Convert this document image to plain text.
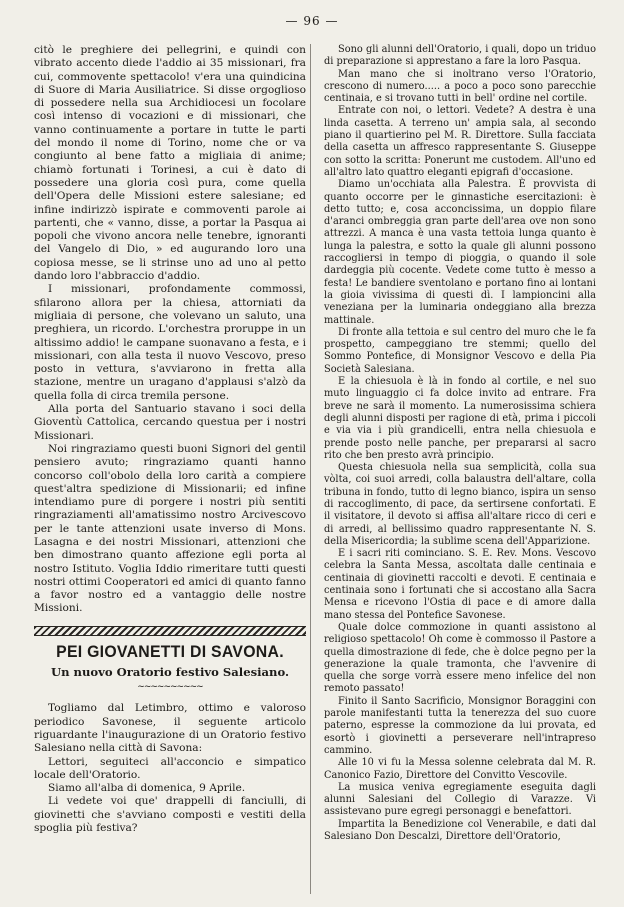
— 96 —

citò le preghiere dei pellegrini, e quindi con vibrato accento diede l'addio ai 35 missionari, fra cui, commovente spettacolo! v'era una quindicina di Suore di Maria Ausiliatrice. Si disse orgoglioso di possedere nella sua Archidiocesi un focolare così intenso di vocazioni e di missionari, che vanno continuamente a portare in tutte le parti del mondo il nome di Torino, nome che or va congiunto al bene fatto a migliaia di anime; chiamò fortunati i Torinesi, a cui è dato di possedere una gloria così pura, come quella dell'Opera delle Missioni estere salesiane; ed infine indirizzò ispirate e commoventi parole ai partenti, che « vanno, disse, a portar la Pasqua ai popoli che vivono ancora nelle tenebre, ignoranti del Vangelo di Dio, » ed augurando loro una copiosa messe, se li strinse uno ad uno al petto dando loro l'abbraccio d'addio.

I missionari, profondamente commossi, sfilarono allora per la chiesa, attorniati da migliaia di persone, che volevano un saluto, una preghiera, un ricordo. L'orchestra proruppe in un altissimo addio! le campane suonavano a festa, e i missionari, con alla testa il nuovo Vescovo, preso posto in vettura, s'avviarono in fretta alla stazione, mentre un uragano d'applausi s'alzò da quella folla di circa tremila persone.

Alla porta del Santuario stavano i soci della Gioventù Cattolica, cercando questua per i nostri Missionari.

Noi ringraziamo questi buoni Signori del gentil pensiero avuto; ringraziamo quanti hanno concorso coll'obolo della loro carità a compiere quest'altra spedizione di Missionarii; ed infine intendiamo pure di porgere i nostri più sentiti ringraziamenti all'amatissimo nostro Arcivescovo per le tante attenzioni usate inverso di Mons. Lasagna e dei nostri Missionari, attenzioni che ben dimostrano quanto affezione egli porta al nostro Istituto. Voglia Iddio rimeritare tutti questi nostri ottimi Cooperatori ed amici di quanto fanno a favor nostro ed a vantaggio delle nostre Missioni.

PEI GIOVANETTI DI SAVONA.
Un nuovo Oratorio festivo Salesiano.
~~~~~~~~~~

Togliamo dal Letimbro, ottimo e valoroso periodico Savonese, il seguente articolo riguardante l'inaugurazione di un Oratorio festivo Salesiano nella città di Savona:

Lettori, seguiteci all'acconcio e simpatico locale dell'Oratorio.

Siamo all'alba di domenica, 9 Aprile.

Li vedete voi que' drappelli di fanciulli, di giovinetti che s'avviano composti e vestiti della spoglia più festiva?

Sono gli alunni dell'Oratorio, i quali, dopo un triduo di preparazione si apprestano a fare la loro Pasqua.

Man mano che si inoltrano verso l'Oratorio, crescono di numero..... a poco a poco sono parecchie centinaia, e si trovano tutti in bell' ordine nel cortile.

Entrate con noi, o lettori. Vedete? A destra è una linda casetta. A terreno un' ampia sala, al secondo piano il quartierino pel M. R. Direttore. Sulla facciata della casetta un affresco rappresentante S. Giuseppe con sotto la scritta: Ponerunt me custodem. All'uno ed all'altro lato quattro eleganti epigrafi d'occasione.

Diamo un'occhiata alla Palestra. È provvista di quanto occorre per le ginnastiche esercitazioni: è detto tutto; e, cosa acconcissima, un doppio filare d'aranci ombreggia gran parte dell'area ove non sono attrezzi. A manca è una vasta tettoia lunga quanto è lunga la palestra, e sotto la quale gli alunni possono raccogliersi in tempo di pioggia, o quando il sole dardeggia più cocente. Vedete come tutto è messo a festa! Le bandiere sventolano e portano fino ai lontani la gioia vivissima di questi dì. I lampioncini alla veneziana per la luminaria ondeggiano alla brezza mattinale.

Di fronte alla tettoia e sul centro del muro che le fa prospetto, campeggiano tre stemmi; quello del Sommo Pontefice, di Monsignor Vescovo e della Pia Società Salesiana.

E la chiesuola è là in fondo al cortile, e nel suo muto linguaggio ci fa dolce invito ad entrare. Fra breve ne sarà il momento. La numerosissima schiera degli alunni disposti per ragione di età, prima i piccoli e via via i più grandicelli, entra nella chiesuola e prende posto nelle panche, per prepararsi al sacro rito che ben presto avrà principio.

Questa chiesuola nella sua semplicità, colla sua vòlta, coi suoi arredi, colla balaustra dell'altare, colla tribuna in fondo, tutto di legno bianco, ispira un senso di raccoglimento, di pace, da sertirsene confortati. E il visitatore, il devoto si affisa all'altare ricco di ceri e di arredi, al bellissimo quadro rappresentante N. S. della Misericordia; la sublime scena dell'Apparizione.

E i sacri riti cominciano. S. E. Rev. Mons. Vescovo celebra la Santa Messa, ascoltata dalle centinaia e centinaia di giovinetti raccolti e devoti. E centinaia e centinaia sono i fortunati che si accostano alla Sacra Mensa e ricevono l'Ostia di pace e di amore dalla mano stessa del Pontefice Savonese.

Quale dolce commozione in quanti assistono al religioso spettacolo! Oh come è commosso il Pastore a quella dimostrazione di fede, che è dolce pegno per la generazione la quale tramonta, che l'avvenire di quella che sorge vorrà essere meno infelice del non remoto passato!

Finito il Santo Sacrificio, Monsignor Boraggini con parole manifestanti tutta la tenerezza del suo cuore paterno, espresse la commozione da lui provata, ed esortò i giovinetti a perseverare nell'intrapreso cammino.

Alle 10 vi fu la Messa solenne celebrata dal M. R. Canonico Fazio, Direttore del Convitto Vescovile.

La musica veniva egregiamente eseguita dagli alunni Salesiani del Collegio di Varazze. Vi assistevano pure egregi personaggi e benefattori.

Impartita la Benedizione col Venerabile, e dati dal Salesiano Don Descalzi, Direttore dell'Oratorio,
